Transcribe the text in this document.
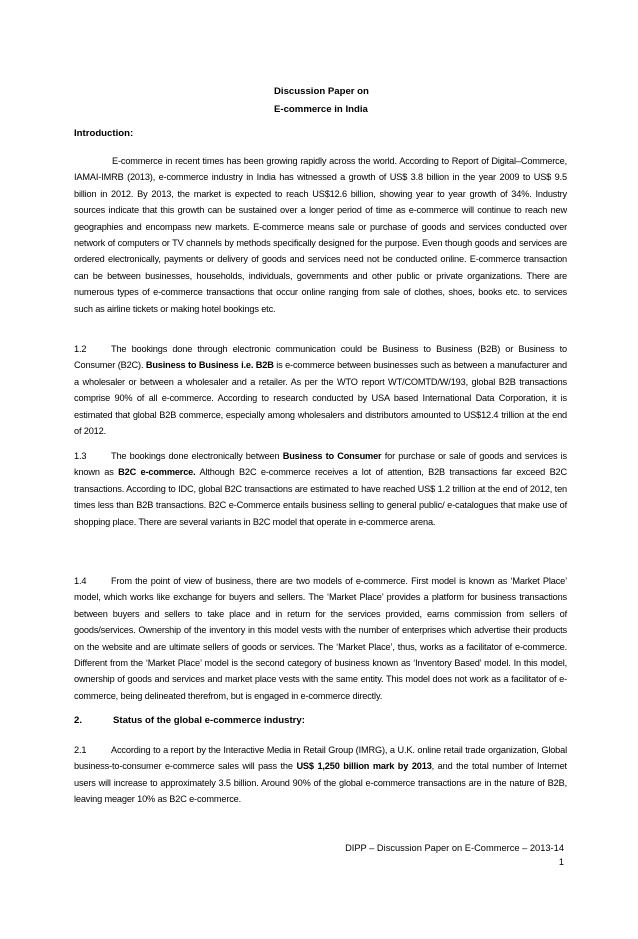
Discussion Paper on
E-commerce in India
Introduction:

E-commerce in recent times has been growing rapidly across the world. According to Report of Digital–Commerce, IAMAI-IMRB (2013), e-commerce industry in India has witnessed a growth of US$ 3.8 billion in the year 2009 to US$ 9.5 billion in 2012. By 2013, the market is expected to reach US$12.6 billion, showing year to year growth of 34%. Industry sources indicate that this growth can be sustained over a longer period of time as e-commerce will continue to reach new geographies and encompass new markets. E-commerce means sale or purchase of goods and services conducted over network of computers or TV channels by methods specifically designed for the purpose. Even though goods and services are ordered electronically, payments or delivery of goods and services need not be conducted online. E-commerce transaction can be between businesses, households, individuals, governments and other public or private organizations. There are numerous types of e-commerce transactions that occur online ranging from sale of clothes, shoes, books etc. to services such as airline tickets or making hotel bookings etc.

1.2	The bookings done through electronic communication could be Business to Business (B2B) or Business to Consumer (B2C). Business to Business i.e. B2B is e-commerce between businesses such as between a manufacturer and a wholesaler or between a wholesaler and a retailer. As per the WTO report WT/COMTD/W/193, global B2B transactions comprise 90% of all e-commerce. According to research conducted by USA based International Data Corporation, it is estimated that global B2B commerce, especially among wholesalers and distributors amounted to US$12.4 trillion at the end of 2012.

1.3	The bookings done electronically between Business to Consumer for purchase or sale of goods and services is known as B2C e-commerce. Although B2C e-commerce receives a lot of attention, B2B transactions far exceed B2C transactions. According to IDC, global B2C transactions are estimated to have reached US$ 1.2 trillion at the end of 2012, ten times less than B2B transactions. B2C e-Commerce entails business selling to general public/ e-catalogues that make use of shopping place. There are several variants in B2C model that operate in e-commerce arena.

1.4	From the point of view of business, there are two models of e-commerce. First model is known as ‘Market Place’ model, which works like exchange for buyers and sellers. The ‘Market Place’ provides a platform for business transactions between buyers and sellers to take place and in return for the services provided, earns commission from sellers of goods/services. Ownership of the inventory in this model vests with the number of enterprises which advertise their products on the website and are ultimate sellers of goods or services. The ‘Market Place’, thus, works as a facilitator of e-commerce. Different from the ‘Market Place’ model is the second category of business known as ‘Inventory Based’ model. In this model, ownership of goods and services and market place vests with the same entity. This model does not work as a facilitator of e-commerce, being delineated therefrom, but is engaged in e-commerce directly.

2.	Status of the global e-commerce industry:

2.1	According to a report by the Interactive Media in Retail Group (IMRG), a U.K. online retail trade organization, Global business-to-consumer e-commerce sales will pass the US$ 1,250 billion mark by 2013, and the total number of Internet users will increase to approximately 3.5 billion. Around 90% of the global e-commerce transactions are in the nature of B2B, leaving meager 10% as B2C e-commerce.

DIPP – Discussion Paper on E-Commerce – 2013-14
1
